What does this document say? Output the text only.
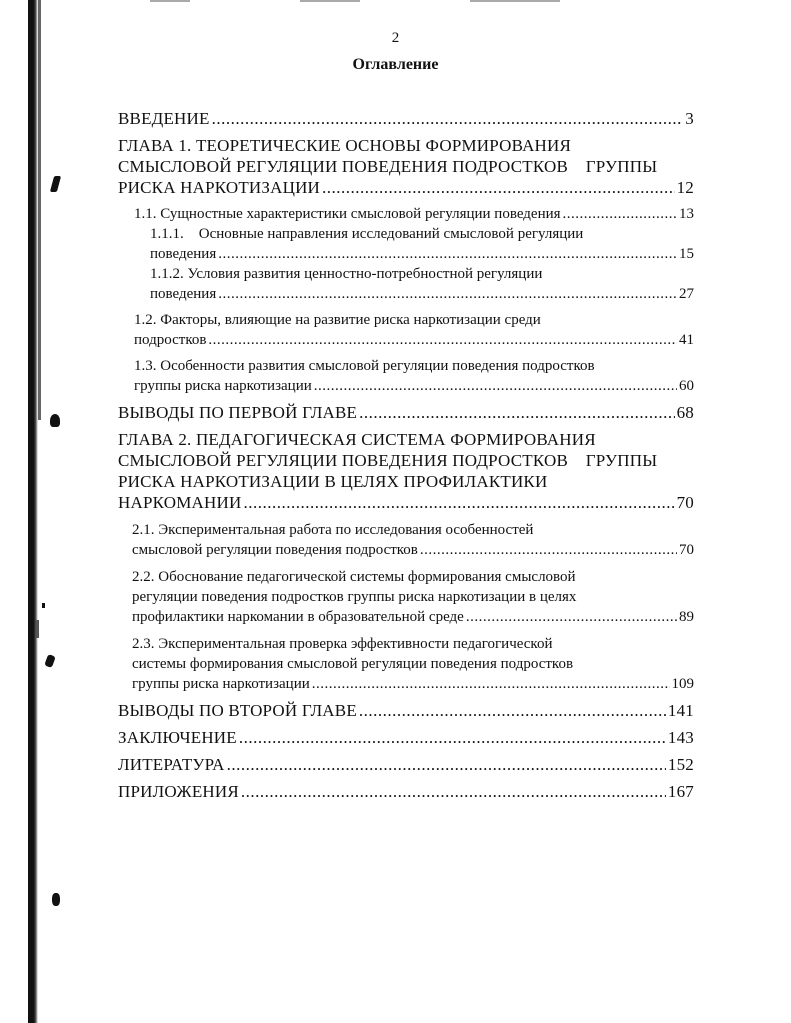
2
Оглавление
ВВЕДЕНИЕ .....	3
ГЛАВА 1. ТЕОРЕТИЧЕСКИЕ ОСНОВЫ ФОРМИРОВАНИЯ
СМЫСЛОВОЙ РЕГУЛЯЦИИ ПОВЕДЕНИЯ ПОДРОСТКОВ    ГРУППЫ
РИСКА НАРКОТИЗАЦИИ .....	12
1.1. Сущностные характеристики смысловой регуляции поведения .....	13
1.1.1.    Основные направления исследований смысловой регуляции
поведения .....	15
1.1.2. Условия развития ценностно-потребностной регуляции
поведения .....	27
1.2. Факторы, влияющие на развитие риска наркотизации среди
подростков .....	41
1.3. Особенности развития смысловой регуляции поведения подростков
группы риска наркотизации .....	60
ВЫВОДЫ ПО ПЕРВОЙ ГЛАВЕ .....	68
ГЛАВА 2. ПЕДАГОГИЧЕСКАЯ СИСТЕМА ФОРМИРОВАНИЯ
СМЫСЛОВОЙ РЕГУЛЯЦИИ ПОВЕДЕНИЯ ПОДРОСТКОВ    ГРУППЫ
РИСКА НАРКОТИЗАЦИИ В ЦЕЛЯХ ПРОФИЛАКТИКИ
НАРКОМАНИИ .....	70
2.1. Экспериментальная работа по исследования особенностей
смысловой регуляции поведения подростков .....	70
2.2. Обоснование педагогической системы формирования смысловой
регуляции поведения подростков группы риска наркотизации в целях
профилактики наркомании в образовательной среде .....	89
2.3. Экспериментальная проверка эффективности педагогической
системы формирования смысловой регуляции поведения подростков
группы риска наркотизации .....	109
ВЫВОДЫ ПО ВТОРОЙ ГЛАВЕ .....	141
ЗАКЛЮЧЕНИЕ .....	143
ЛИТЕРАТУРА .....	152
ПРИЛОЖЕНИЯ .....	167
